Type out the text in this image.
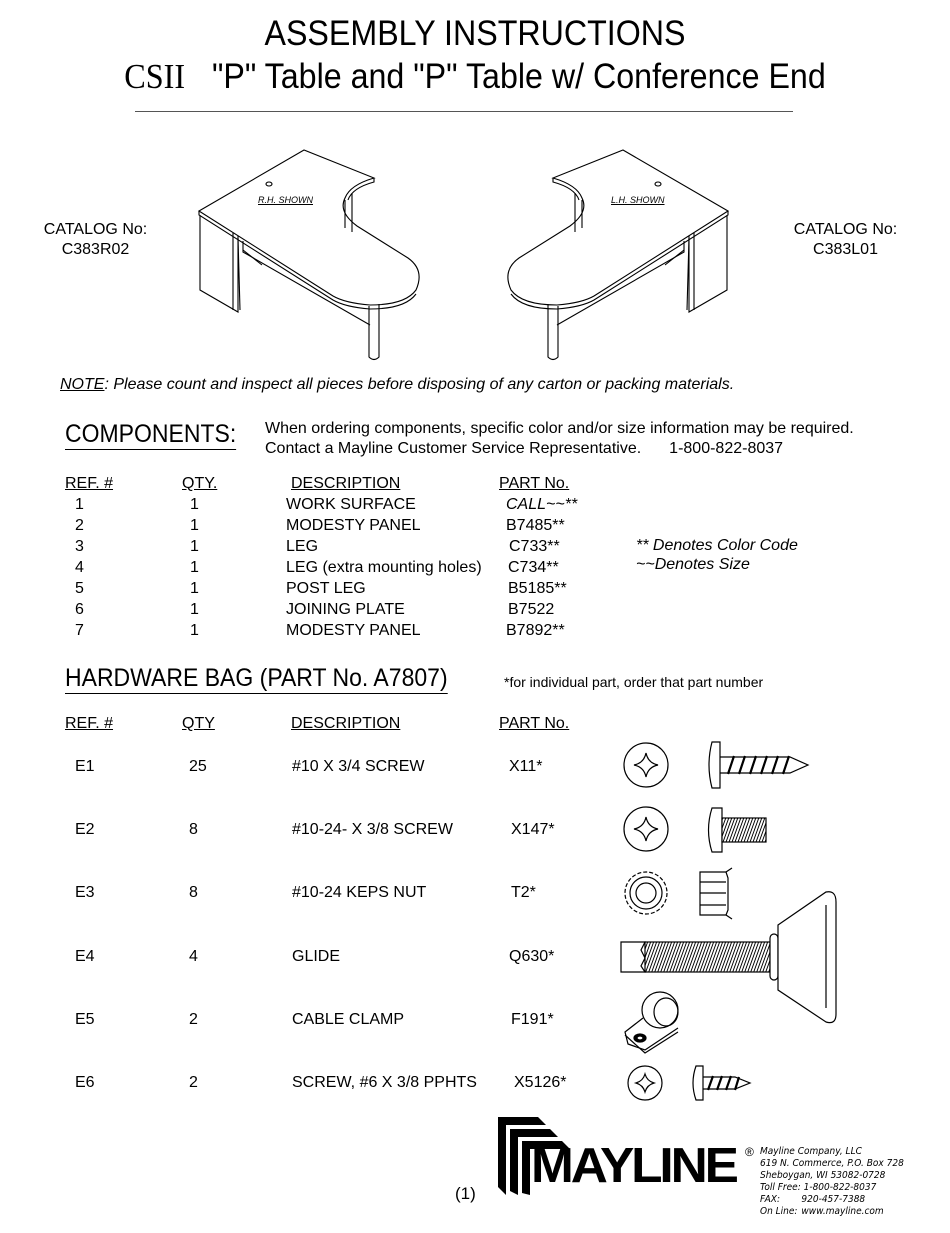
ASSEMBLY INSTRUCTIONS
CSII "P" Table and "P" Table w/ Conference End
CATALOG No:
C383R02
CATALOG No:
C383L01
R.H. SHOWN	L.H. SHOWN
NOTE: Please count and inspect all pieces before disposing of any carton or packing materials.
COMPONENTS: When ordering components, specific color and/or size information may be required.
Contact a Mayline Customer Service Representative. 1-800-822-8037
REF. #	QTY.	DESCRIPTION	PART No.
1	1	WORK SURFACE	CALL~~**
2	1	MODESTY PANEL	B7485**
3	1	LEG	C733**
4	1	LEG (extra mounting holes) C734**
5	1	POST LEG	B5185**
6	1	JOINING PLATE	B7522
7	1	MODESTY PANEL	B7892**
** Denotes Color Code
~~Denotes Size
HARDWARE BAG (PART No. A7807)	*for individual part, order that part number
REF. #	QTY	DESCRIPTION	PART No.
E1	25	#10 X 3/4 SCREW	X11*
E2	8	#10-24- X 3/8 SCREW	X147*
E3	8	#10-24 KEPS NUT	T2*
E4	4	GLIDE	Q630*
E5	2	CABLE CLAMP	F191*
E6	2	SCREW, #6 X 3/8 PPHTS X5126*
(1)
MAYLINE ® Mayline Company, LLC
619 N. Commerce, P.O. Box 728
Sheboygan, WI 53082-0728
Toll Free: 1-800-822-8037
FAX: 920-457-7388
On Line: www.mayline.com
